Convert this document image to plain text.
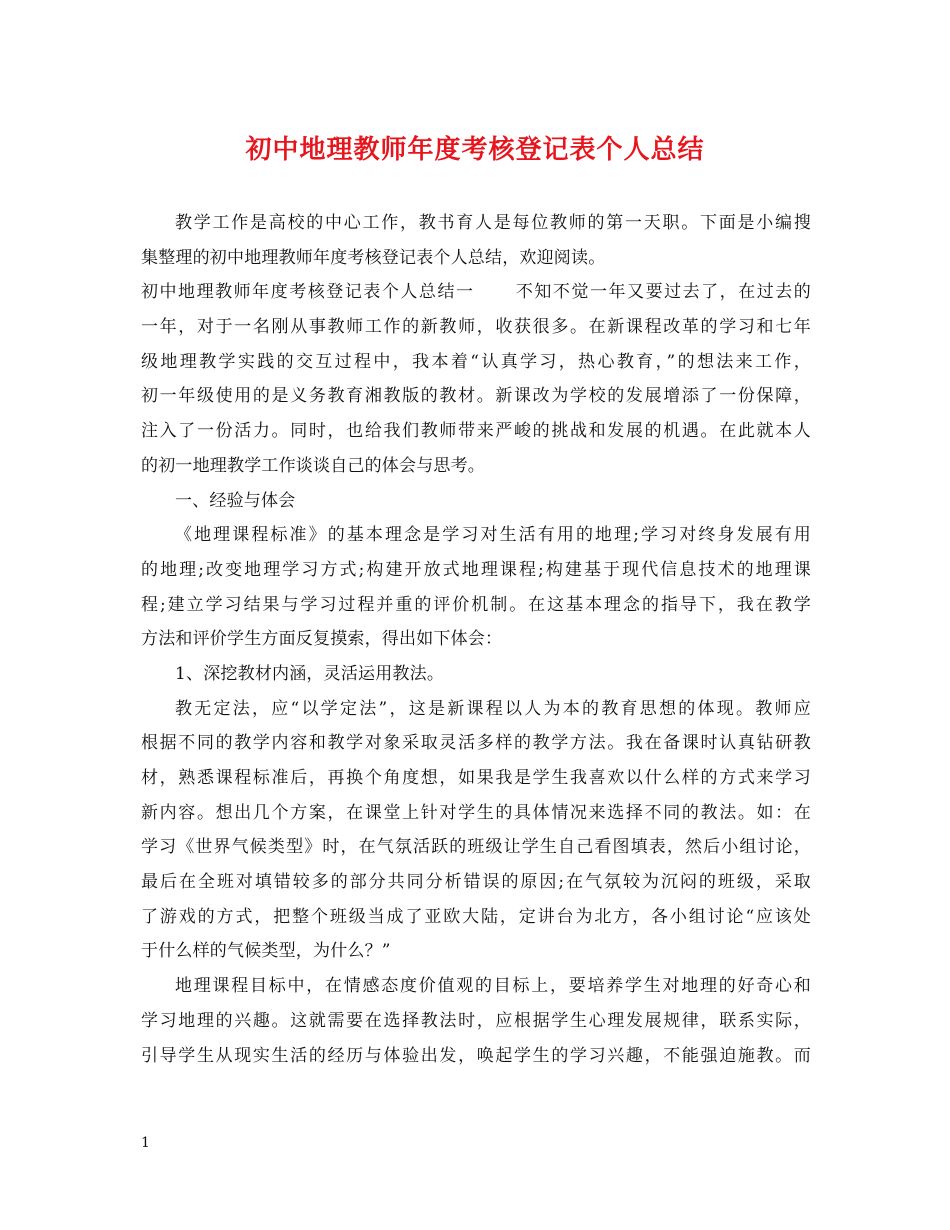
初中地理教师年度考核登记表个人总结
教学工作是高校的中心工作，教书育人是每位教师的第一天职。下面是小编搜
集整理的初中地理教师年度考核登记表个人总结，欢迎阅读。
初中地理教师年度考核登记表个人总结一 不知不觉一年又要过去了，在过去的
一年，对于一名刚从事教师工作的新教师，收获很多。在新课程改革的学习和七年
级地理教学实践的交互过程中，我本着“认真学习，热心教育，”的想法来工作，
初一年级使用的是义务教育湘教版的教材。新课改为学校的发展增添了一份保障，
注入了一份活力。同时，也给我们教师带来严峻的挑战和发展的机遇。在此就本人
的初一地理教学工作谈谈自己的体会与思考。
一、经验与体会
《地理课程标准》的基本理念是学习对生活有用的地理;学习对终身发展有用
的地理;改变地理学习方式;构建开放式地理课程;构建基于现代信息技术的地理课
程;建立学习结果与学习过程并重的评价机制。在这基本理念的指导下，我在教学
方法和评价学生方面反复摸索，得出如下体会：
1、深挖教材内涵，灵活运用教法。
教无定法，应“以学定法”，这是新课程以人为本的教育思想的体现。教师应
根据不同的教学内容和教学对象采取灵活多样的教学方法。我在备课时认真钻研教
材，熟悉课程标准后，再换个角度想，如果我是学生我喜欢以什么样的方式来学习
新内容。想出几个方案，在课堂上针对学生的具体情况来选择不同的教法。如：在
学习《世界气候类型》时，在气氛活跃的班级让学生自己看图填表，然后小组讨论，
最后在全班对填错较多的部分共同分析错误的原因;在气氛较为沉闷的班级，采取
了游戏的方式，把整个班级当成了亚欧大陆，定讲台为北方，各小组讨论“应该处
于什么样的气候类型，为什么？”
地理课程目标中，在情感态度价值观的目标上，要培养学生对地理的好奇心和
学习地理的兴趣。这就需要在选择教法时，应根据学生心理发展规律，联系实际，
引导学生从现实生活的经历与体验出发，唤起学生的学习兴趣，不能强迫施教。而
1
